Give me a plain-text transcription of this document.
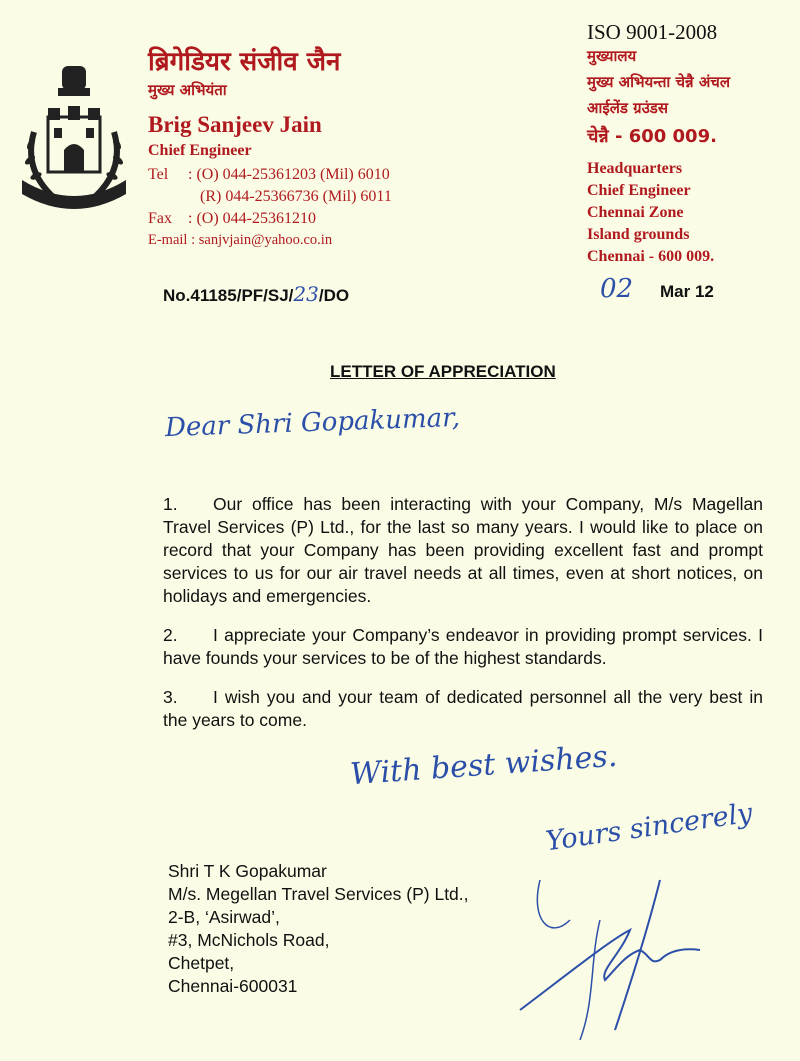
ब्रिगेडियर संजीव जैन
मुख्य अभियंता
Brig Sanjeev Jain
Chief Engineer
Tel : (O) 044-25361203 (Mil) 6010
(R) 044-25366736 (Mil) 6011
Fax : (O) 044-25361210
E-mail : sanjvjain@yahoo.co.in
ISO 9001-2008
मुख्यालय
मुख्य अभियन्ता चेन्नै अंचल
आईलेंड ग्रउंडस
चेन्नै - 600 009.
Headquarters
Chief Engineer
Chennai Zone
Island grounds
Chennai - 600 009.
No.41185/PF/SJ/23/DO	02 Mar 12
LETTER OF APPRECIATION
Dear Shri Gopakumar,
1. Our office has been interacting with your Company, M/s Magellan Travel Services (P) Ltd., for the last so many years. I would like to place on record that your Company has been providing excellent fast and prompt services to us for our air travel needs at all times, even at short notices, on holidays and emergencies.
2. I appreciate your Company’s endeavor in providing prompt services. I have founds your services to be of the highest standards.
3. I wish you and your team of dedicated personnel all the very best in the years to come.
With best wishes.
Yours sincerely
Shri T K Gopakumar
M/s. Megellan Travel Services (P) Ltd.,
2-B, ‘Asirwad’,
#3, McNichols Road,
Chetpet,
Chennai-600031
